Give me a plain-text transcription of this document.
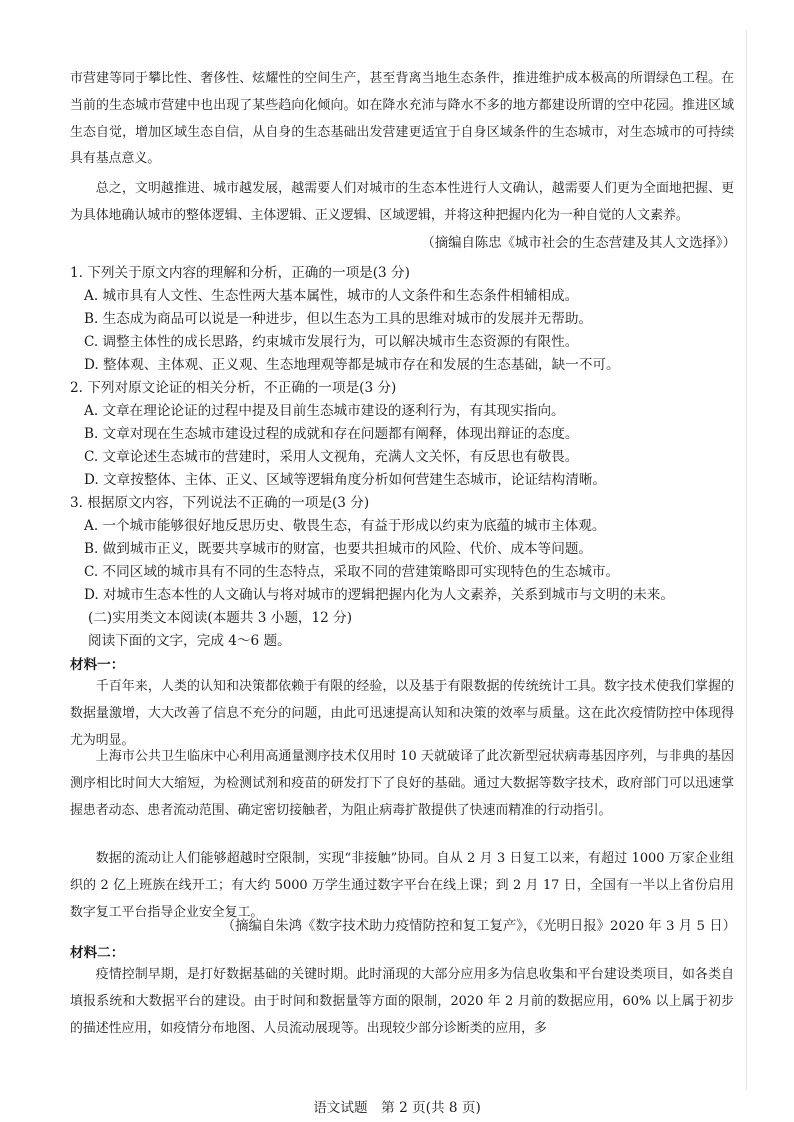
市营建等同于攀比性、奢侈性、炫耀性的空间生产，甚至背离当地生态条件，推进维护成本极高的所谓绿色工程。在当前的生态城市营建中也出现了某些趋向化倾向。如在降水充沛与降水不多的地方都建设所谓的空中花园。推进区域生态自觉，增加区域生态自信，从自身的生态基础出发营建更适宜于自身区域条件的生态城市，对生态城市的可持续具有基点意义。

总之，文明越推进、城市越发展，越需要人们对城市的生态本性进行人文确认，越需要人们更为全面地把握、更为具体地确认城市的整体逻辑、主体逻辑、正义逻辑、区域逻辑，并将这种把握内化为一种自觉的人文素养。

（摘编自陈忠《城市社会的生态营建及其人文选择》）
1. 下列关于原文内容的理解和分析，正确的一项是(3 分)
A. 城市具有人文性、生态性两大基本属性，城市的人文条件和生态条件相辅相成。
B. 生态成为商品可以说是一种进步，但以生态为工具的思维对城市的发展并无帮助。
C. 调整主体性的成长思路，约束城市发展行为，可以解决城市生态资源的有限性。
D. 整体观、主体观、正义观、生态地理观等都是城市存在和发展的生态基础，缺一不可。
2. 下列对原文论证的相关分析，不正确的一项是(3 分)
A. 文章在理论论证的过程中提及目前生态城市建设的逐利行为，有其现实指向。
B. 文章对现在生态城市建设过程的成就和存在问题都有阐释，体现出辩证的态度。
C. 文章论述生态城市的营建时，采用人文视角，充满人文关怀，有反思也有敬畏。
D. 文章按整体、主体、正义、区域等逻辑角度分析如何营建生态城市，论证结构清晰。
3. 根据原文内容，下列说法不正确的一项是(3 分)
A. 一个城市能够很好地反思历史、敬畏生态，有益于形成以约束为底蕴的城市主体观。
B. 做到城市正义，既要共享城市的财富，也要共担城市的风险、代价、成本等问题。
C. 不同区域的城市具有不同的生态特点，采取不同的营建策略即可实现特色的生态城市。
D. 对城市生态本性的人文确认与将对城市的逻辑把握内化为人文素养，关系到城市与文明的未来。
(二)实用类文本阅读(本题共 3 小题，12 分)
阅读下面的文字，完成 4～6 题。
材料一：

千百年来，人类的认知和决策都依赖于有限的经验，以及基于有限数据的传统统计工具。数字技术使我们掌握的数据量激增，大大改善了信息不充分的问题，由此可迅速提高认知和决策的效率与质量。这在此次疫情防控中体现得尤为明显。

上海市公共卫生临床中心利用高通量测序技术仅用时 10 天就破译了此次新型冠状病毒基因序列，与非典的基因测序相比时间大大缩短，为检测试剂和疫苗的研发打下了良好的基础。通过大数据等数字技术，政府部门可以迅速掌握患者动态、患者流动范围、确定密切接触者，为阻止病毒扩散提供了快速而精准的行动指引。

数据的流动让人们能够超越时空限制，实现“非接触”协同。自从 2 月 3 日复工以来，有超过 1000 万家企业组织的 2 亿上班族在线开工；有大约 5000 万学生通过数字平台在线上课；到 2 月 17 日，全国有一半以上省份启用数字复工平台指导企业安全复工。

（摘编自朱鸿《数字技术助力疫情防控和复工复产》，《光明日报》2020 年 3 月 5 日）
材料二：

疫情控制早期，是打好数据基础的关键时期。此时涌现的大部分应用多为信息收集和平台建设类项目，如各类自填报系统和大数据平台的建设。由于时间和数据量等方面的限制，2020 年 2 月前的数据应用，60% 以上属于初步的描述性应用，如疫情分布地图、人员流动展现等。出现较少部分诊断类的应用，多

语文试题　第 2 页(共 8 页)
